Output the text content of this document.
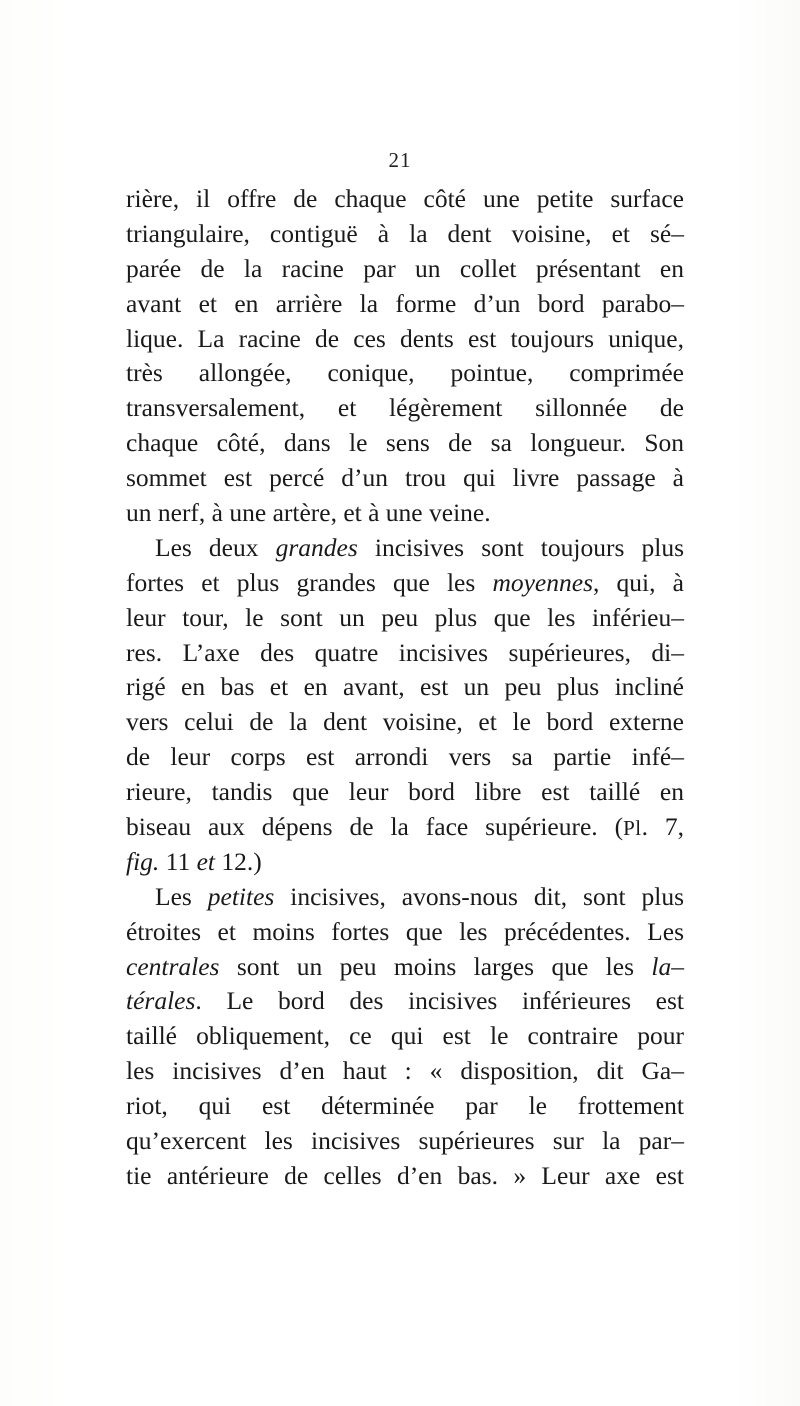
21
rière, il offre de chaque côté une petite surface
triangulaire, contiguë à la dent voisine, et sé–
parée de la racine par un collet présentant en
avant et en arrière la forme d’un bord parabo–
lique. La racine de ces dents est toujours unique,
très allongée, conique, pointue, comprimée
transversalement, et légèrement sillonnée de
chaque côté, dans le sens de sa longueur. Son
sommet est percé d’un trou qui livre passage à
un nerf, à une artère, et à une veine.
Les deux grandes incisives sont toujours plus
fortes et plus grandes que les moyennes, qui, à
leur tour, le sont un peu plus que les inférieu–
res. L’axe des quatre incisives supérieures, di–
rigé en bas et en avant, est un peu plus incliné
vers celui de la dent voisine, et le bord externe
de leur corps est arrondi vers sa partie infé–
rieure, tandis que leur bord libre est taillé en
biseau aux dépens de la face supérieure. (Pl. 7,
fig. 11 et 12.)
Les petites incisives, avons-nous dit, sont plus
étroites et moins fortes que les précédentes. Les
centrales sont un peu moins larges que les la–
térales. Le bord des incisives inférieures est
taillé obliquement, ce qui est le contraire pour
les incisives d’en haut : « disposition, dit Ga–
riot, qui est déterminée par le frottement
qu’exercent les incisives supérieures sur la par–
tie antérieure de celles d’en bas. » Leur axe est
